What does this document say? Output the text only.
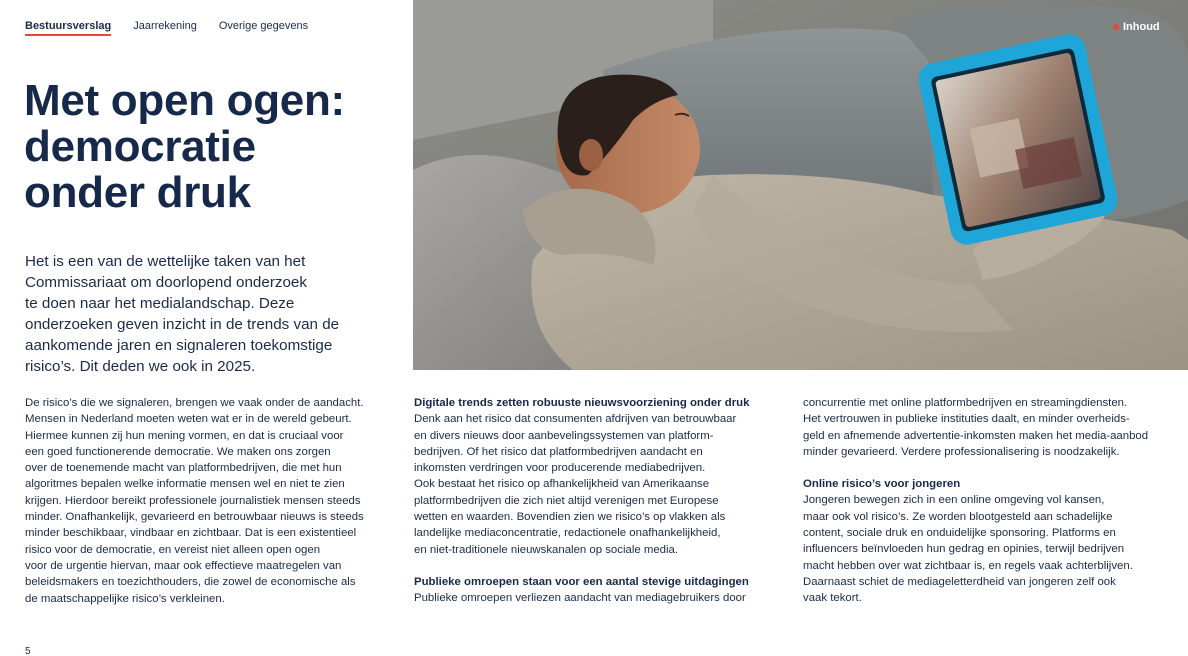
Bestuursverslag Jaarrekening Overige gegevens
Met open ogen:
democratie
onder druk
Het is een van de wettelijke taken van het
Commissariaat om doorlopend onderzoek
te doen naar het medialandschap. Deze
onderzoeken geven inzicht in de trends van de
aankomende jaren en signaleren toekomstige
risico’s. Dit deden we ook in 2025.

De risico’s die we signaleren, brengen we vaak onder de aandacht.

Mensen in Nederland moeten weten wat er in de wereld gebeurt.

Hiermee kunnen zij hun mening vormen, en dat is cruciaal voor

een goed functionerende democratie. We maken ons zorgen

over de toenemende macht van platformbedrijven, die met hun

algoritmes bepalen welke informatie mensen wel en niet te zien

krijgen. Hierdoor bereikt professionele journalistiek mensen steeds

minder. Onafhankelijk, gevarieerd en betrouwbaar nieuws is steeds

minder beschikbaar, vindbaar en zichtbaar. Dat is een existentieel

risico voor de democratie, en vereist niet alleen open ogen

voor de urgentie hiervan, maar ook effectieve maatregelen van

beleidsmakers en toezichthouders, die zowel de economische als

de maatschappelijke risico’s verkleinen.

Digitale trends zetten robuuste nieuwsvoorziening onder druk

Denk aan het risico dat consumenten afdrijven van betrouwbaar

en divers nieuws door aanbevelingssystemen van platform-

bedrijven. Of het risico dat platformbedrijven aandacht en

inkomsten verdringen voor producerende mediabedrijven.

Ook bestaat het risico op afhankelijkheid van Amerikaanse

platformbedrijven die zich niet altijd verenigen met Europese

wetten en waarden. Bovendien zien we risico’s op vlakken als

landelijke mediaconcentratie, redactionele onafhankelijkheid,

en niet-traditionele nieuwskanalen op sociale media.

Publieke omroepen staan voor een aantal stevige uitdagingen

Publieke omroepen verliezen aandacht van mediagebruikers door

concurrentie met online platformbedrijven en streamingdiensten.

Het vertrouwen in publieke instituties daalt, en minder overheids-

geld en afnemende advertentie-inkomsten maken het media-aanbod

minder gevarieerd. Verdere professionalisering is noodzakelijk.

Online risico’s voor jongeren

Jongeren bewegen zich in een online omgeving vol kansen,

maar ook vol risico’s. Ze worden blootgesteld aan schadelijke

content, sociale druk en onduidelijke sponsoring. Platforms en

influencers beïnvloeden hun gedrag en opinies, terwijl bedrijven

macht hebben over wat zichtbaar is, en regels vaak achterblijven.

Daarnaast schiet de mediageletterdheid van jongeren zelf ook

vaak tekort.

Inhoud
5
